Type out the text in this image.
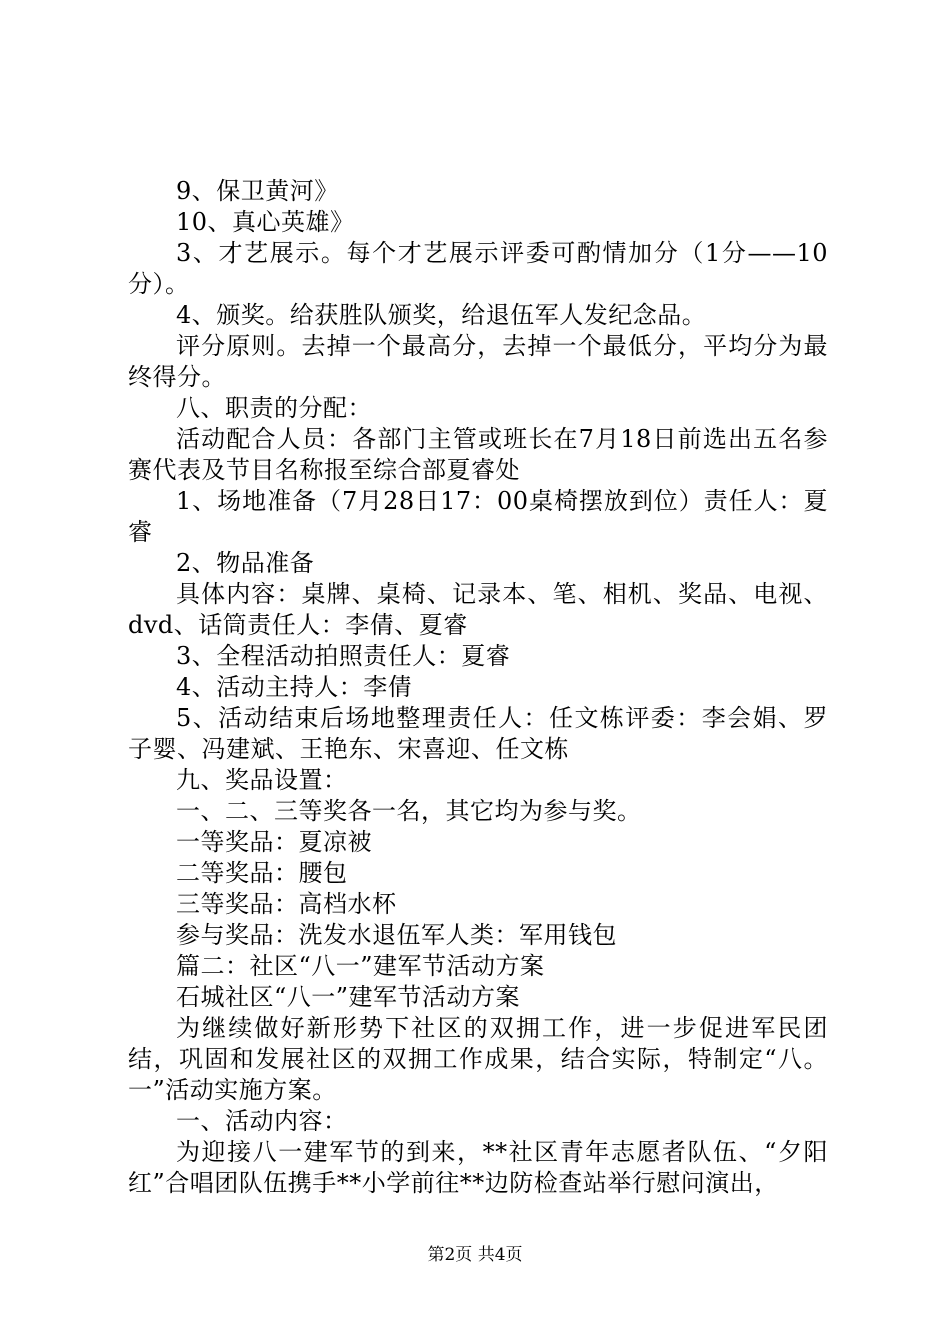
9、保卫黄河》

10、真心英雄》

3、才艺展示。每个才艺展示评委可酌情加分（1分——10分）。

4、颁奖。给获胜队颁奖，给退伍军人发纪念品。

评分原则。去掉一个最高分，去掉一个最低分，平均分为最终得分。

八、职责的分配：

活动配合人员：各部门主管或班长在7月18日前选出五名参赛代表及节目名称报至综合部夏睿处

1、场地准备（7月28日17：00桌椅摆放到位）责任人：夏睿

2、物品准备

具体内容：桌牌、桌椅、记录本、笔、相机、奖品、电视、dvd、话筒责任人：李倩、夏睿

3、全程活动拍照责任人：夏睿

4、活动主持人：李倩

5、活动结束后场地整理责任人：任文栋评委：李会娟、罗子婴、冯建斌、王艳东、宋喜迎、任文栋

九、奖品设置：

一、二、三等奖各一名，其它均为参与奖。

一等奖品：夏凉被

二等奖品：腰包

三等奖品：高档水杯

参与奖品：洗发水退伍军人类：军用钱包

篇二：社区“八一”建军节活动方案

石城社区“八一”建军节活动方案

为继续做好新形势下社区的双拥工作，进一步促进军民团结，巩固和发展社区的双拥工作成果，结合实际，特制定“八。一”活动实施方案。

一、活动内容：

为迎接八一建军节的到来，**社区青年志愿者队伍、“夕阳红”合唱团队伍携手**小学前往**边防检查站举行慰问演出，

第2页 共4页
